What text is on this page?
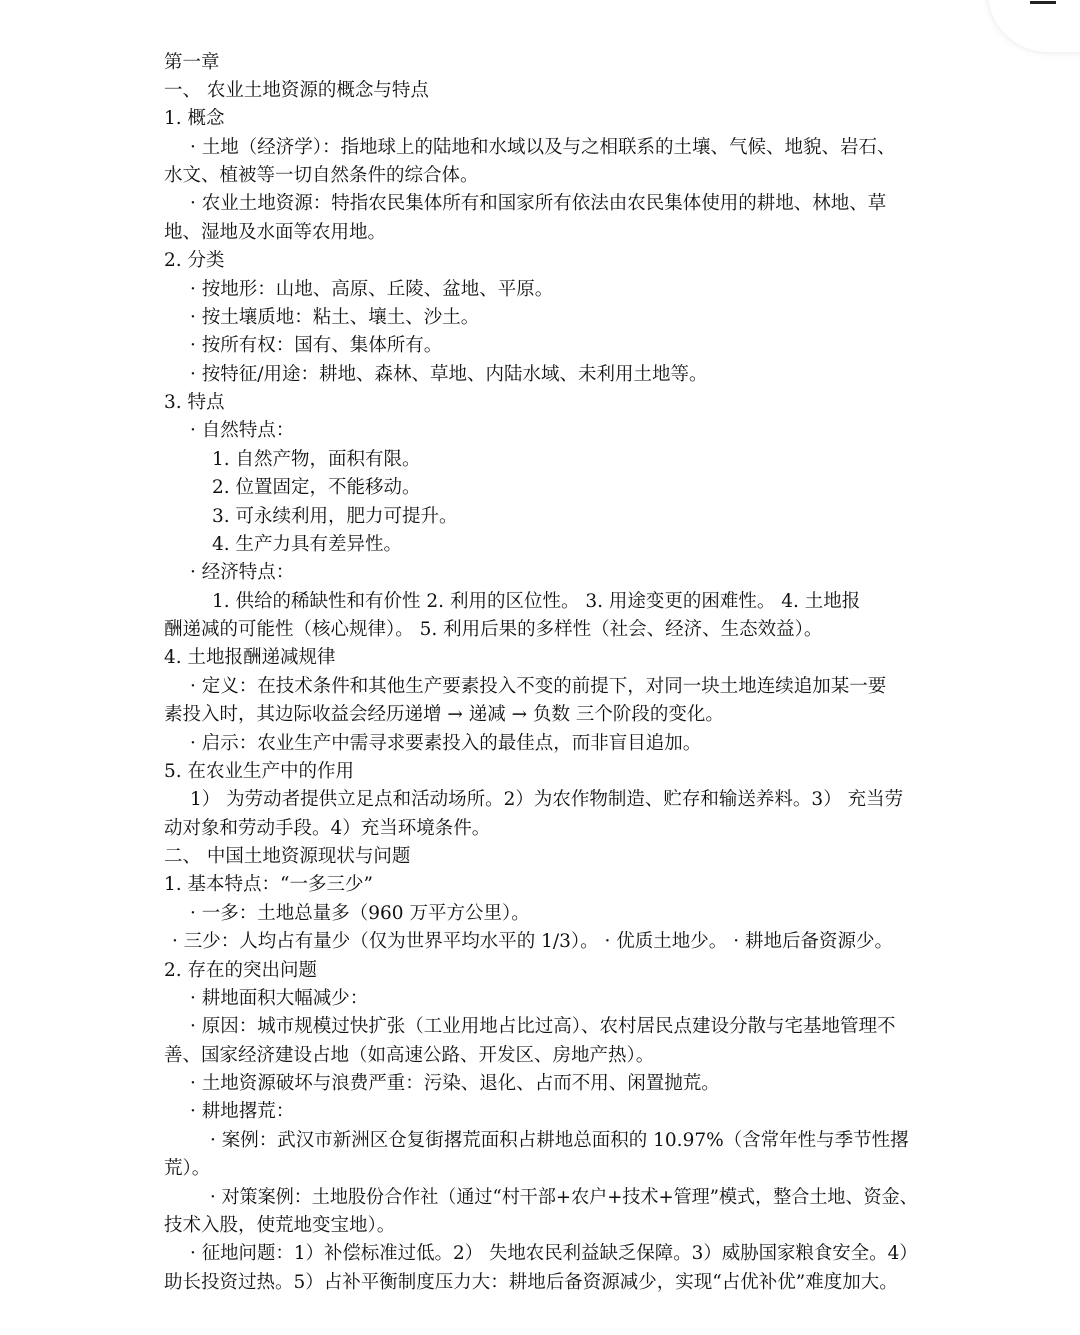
第一章

一、 农业土地资源的概念与特点

1. 概念

· 土地（经济学）：指地球上的陆地和水域以及与之相联系的土壤、气候、地貌、岩石、

水文、植被等一切自然条件的综合体。

· 农业土地资源：特指农民集体所有和国家所有依法由农民集体使用的耕地、林地、草

地、湿地及水面等农用地。

2. 分类

· 按地形：山地、高原、丘陵、盆地、平原。

· 按土壤质地：粘土、壤土、沙土。

· 按所有权：国有、集体所有。

· 按特征/用途：耕地、森林、草地、内陆水域、未利用土地等。

3. 特点

· 自然特点：

1. 自然产物，面积有限。

2. 位置固定，不能移动。

3. 可永续利用，肥力可提升。

4. 生产力具有差异性。

· 经济特点：

1. 供给的稀缺性和有价性 2. 利用的区位性。 3. 用途变更的困难性。 4. 土地报

酬递减的可能性（核心规律）。 5. 利用后果的多样性（社会、经济、生态效益）。

4. 土地报酬递减规律

· 定义：在技术条件和其他生产要素投入不变的前提下，对同一块土地连续追加某一要

素投入时，其边际收益会经历递增 → 递减 → 负数 三个阶段的变化。

· 启示：农业生产中需寻求要素投入的最佳点，而非盲目追加。

5. 在农业生产中的作用

1） 为劳动者提供立足点和活动场所。2）为农作物制造、贮存和输送养料。3） 充当劳

动对象和劳动手段。4）充当环境条件。

二、 中国土地资源现状与问题

1. 基本特点：“一多三少”

· 一多：土地总量多（960 万平方公里）。

· 三少：人均占有量少（仅为世界平均水平的 1/3）。 · 优质土地少。 · 耕地后备资源少。

2. 存在的突出问题

· 耕地面积大幅减少：

· 原因：城市规模过快扩张（工业用地占比过高）、农村居民点建设分散与宅基地管理不

善、国家经济建设占地（如高速公路、开发区、房地产热）。

· 土地资源破坏与浪费严重：污染、退化、占而不用、闲置抛荒。

· 耕地撂荒：

· 案例：武汉市新洲区仓复街撂荒面积占耕地总面积的 10.97%（含常年性与季节性撂

荒）。

· 对策案例：土地股份合作社（通过“村干部+农户+技术+管理”模式，整合土地、资金、

技术入股，使荒地变宝地）。

· 征地问题：1）补偿标准过低。2） 失地农民利益缺乏保障。3）威胁国家粮食安全。4）

助长投资过热。5）占补平衡制度压力大：耕地后备资源减少，实现“占优补优”难度加大。
